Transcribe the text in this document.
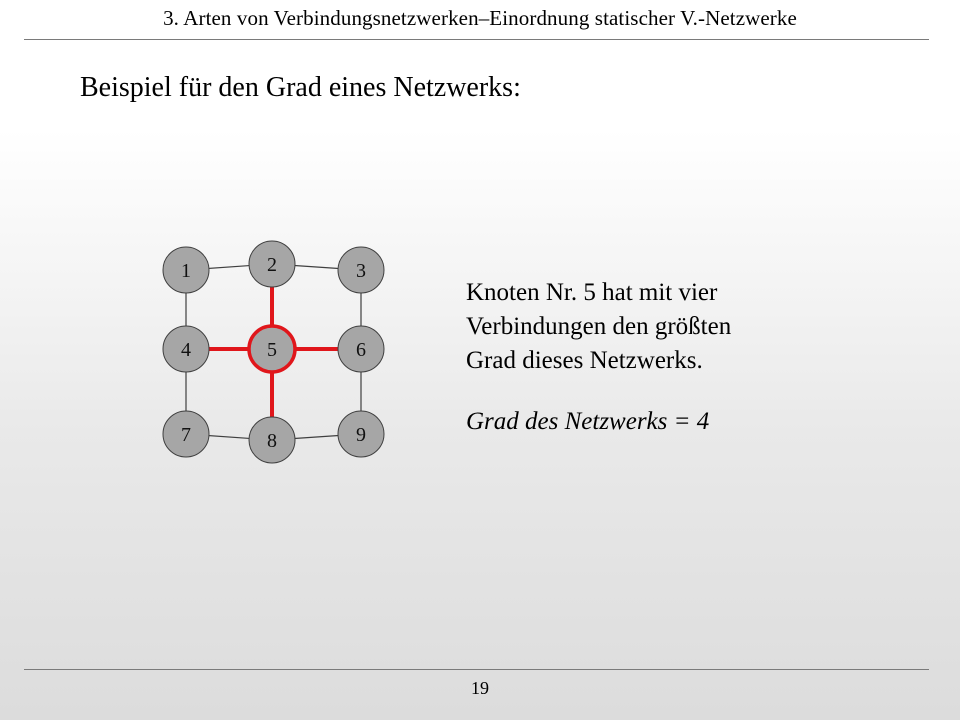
3. Arten von Verbindungsnetzwerken–Einordnung statischer V.-Netzwerke
Beispiel für den Grad eines Netzwerks:
1	2	3
4	5	6
7	8	9
Knoten Nr. 5 hat mit vier
Verbindungen den größten
Grad dieses Netzwerks.
Grad des Netzwerks = 4
19
